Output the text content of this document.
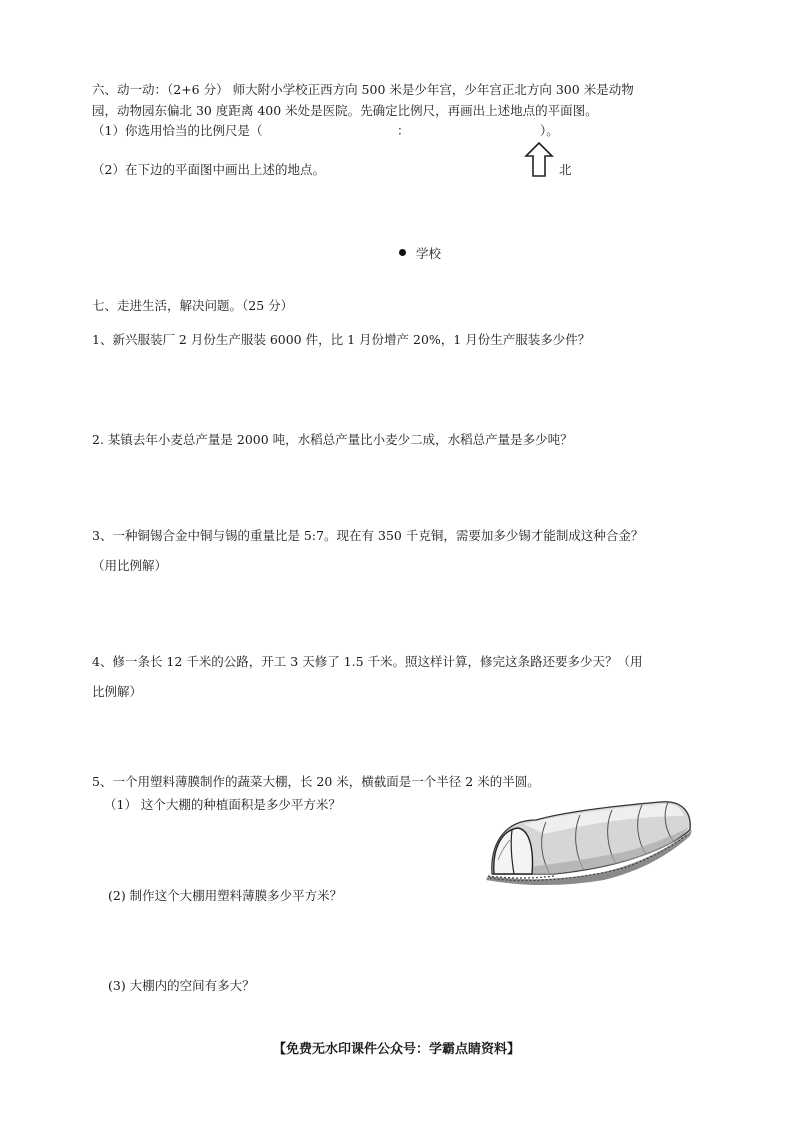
六、动一动：（2+6 分） 师大附小学校正西方向 500 米是少年宫，少年宫正北方向 300 米是动物
园，动物园东偏北 30 度距离 400 米处是医院。先确定比例尺，再画出上述地点的平面图。
（1）你选用恰当的比例尺是（	：	）。
（2）在下边的平面图中画出上述的地点。	北
学校
七、走进生活，解决问题。（25 分）
1、新兴服装厂 2 月份生产服装 6000 件，比 1 月份增产 20%，1 月份生产服装多少件？
2. 某镇去年小麦总产量是 2000 吨，水稻总产量比小麦少二成，水稻总产量是多少吨？
3、一种铜锡合金中铜与锡的重量比是 5:7。现在有 350 千克铜，需要加多少锡才能制成这种合金？
（用比例解）
4、修一条长 12 千米的公路，开工 3 天修了 1.5 千米。照这样计算，修完这条路还要多少天？（用
比例解）
5、一个用塑料薄膜制作的蔬菜大棚，长 20 米，横截面是一个半径 2 米的半圆。
（1） 这个大棚的种植面积是多少平方米？
(2) 制作这个大棚用塑料薄膜多少平方米？
(3) 大棚内的空间有多大？
【免费无水印课件公众号：学霸点睛资料】
